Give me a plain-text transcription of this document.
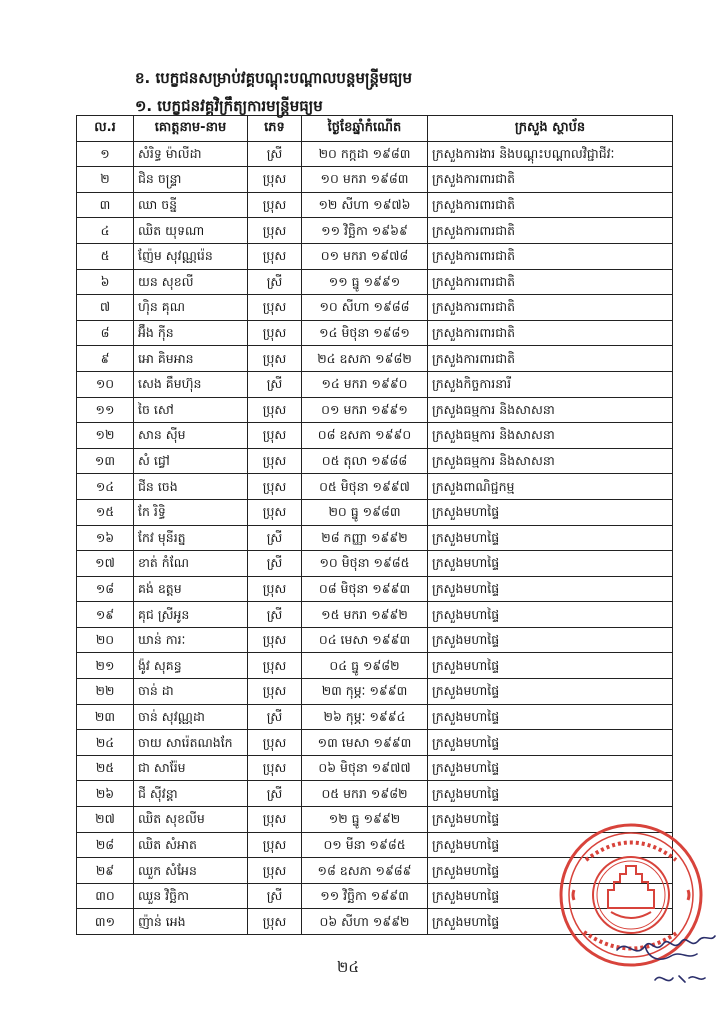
ខ. បេក្ខជនសម្រាប់វគ្គបណ្តុះបណ្តាលបន្តមន្ត្រីមធ្យម
១. បេក្ខជនវគ្គវិក្រឹត្យការមន្ត្រីមធ្យម
ល.រ	គោត្តនាម-នាម	ភេទ	ថ្ងៃខែឆ្នាំកំណើត	ក្រសួង ស្ថាប័ន
១	សំរិទ្ធ ម៉ាលីដា	ស្រី	២០ កក្កដា ១៩៨៣	ក្រសួងការងារ និងបណ្តុះបណ្តាលវិជ្ជាជីវៈ
២	ជិន ចន្ទ្រា	ប្រុស	១០ មករា ១៩៨៣	ក្រសួងការពារជាតិ
៣	ឈា ចន្នី	ប្រុស	១២ សីហា ១៩៧៦	ក្រសួងការពារជាតិ
៤	ឈិត យុទណា	ប្រុស	១១ វិច្ឆិកា ១៩៦៩	ក្រសួងការពារជាតិ
៥	ញ៉ែម សុវណ្ណរ៉េន	ប្រុស	០១ មករា ១៩៧៨	ក្រសួងការពារជាតិ
៦	យន សុខលី	ស្រី	១១ ធ្នូ ១៩៩១	ក្រសួងការពារជាតិ
៧	ហ៊ិន គុណ	ប្រុស	១០ សីហា ១៩៨៨	ក្រសួងការពារជាតិ
៨	អ៊ឹង កុីន	ប្រុស	១៤ មិថុនា ១៩៨១	ក្រសួងការពារជាតិ
៩	អោ គិមអាន	ប្រុស	២៤ ឧសភា ១៩៨២	ក្រសួងការពារជាតិ
១០	សេង គឹមហ៊ុន	ស្រី	១៤ មករា ១៩៩០	ក្រសួងកិច្ចការនារី
១១	ចៃ សៅ	ប្រុស	០១ មករា ១៩៩១	ក្រសួងធម្មការ និងសាសនា
១២	សាន ស៊ីម	ប្រុស	០៨ ឧសភា ១៩៩០	ក្រសួងធម្មការ និងសាសនា
១៣	សំ ជ្វៅ	ប្រុស	០៥ តុលា ១៩៨៨	ក្រសួងធម្មការ និងសាសនា
១៤	ជីន ចេង	ប្រុស	០៥ មិថុនា ១៩៩៧	ក្រសួងពាណិជ្ជកម្ម
១៥	កែ រិទ្ធិ	ប្រុស	២០ ធ្នូ ១៩៨៣	ក្រសួងមហាផ្ទៃ
១៦	កែវ មុនីរត្ន	ស្រី	២៨ កញ្ញា ១៩៩២	ក្រសួងមហាផ្ទៃ
១៧	ខាត់ កំណែ	ស្រី	១០ មិថុនា ១៩៨៥	ក្រសួងមហាផ្ទៃ
១៨	គង់ ឧត្តម	ប្រុស	០៨ មិថុនា ១៩៩៣	ក្រសួងមហាផ្ទៃ
១៩	គុជ ស្រីអូន	ស្រី	១៥ មករា ១៩៩២	ក្រសួងមហាផ្ទៃ
២០	ឃាន់ ការៈ	ប្រុស	០៤ មេសា ១៩៩៣	ក្រសួងមហាផ្ទៃ
២១	ង៉ូវ សុគន្ធ	ប្រុស	០៤ ធ្នូ ១៩៨២	ក្រសួងមហាផ្ទៃ
២២	ចាន់ ដា	ប្រុស	២៣ កុម្ភៈ ១៩៩៣	ក្រសួងមហាផ្ទៃ
២៣	ចាន់ សុវណ្ណដា	ស្រី	២៦ កុម្ភៈ ១៩៩៤	ក្រសួងមហាផ្ទៃ
២៤	ចាយ សារ៉េតណងកែ	ប្រុស	១៣ មេសា ១៩៩៣	ក្រសួងមហាផ្ទៃ
២៥	ជា សារ៉ែម	ប្រុស	០៦ មិថុនា ១៩៧៧	ក្រសួងមហាផ្ទៃ
២៦	ជី ស៊ីវន្តា	ស្រី	០៥ មករា ១៩៨២	ក្រសួងមហាផ្ទៃ
២៧	ឈិត សុខលីម	ប្រុស	១២ ធ្នូ ១៩៩២	ក្រសួងមហាផ្ទៃ
២៨	ឈិត សំអាត	ប្រុស	០១ មីនា ១៩៨៥	ក្រសួងមហាផ្ទៃ
២៩	ឈួក សំអែន	ប្រុស	១៨ ឧសភា ១៩៨៩	ក្រសួងមហាផ្ទៃ
៣០	ឈួន វិច្ឆិកា	ស្រី	១១ វិច្ឆិកា ១៩៩៣	ក្រសួងមហាផ្ទៃ
៣១	ញ៉ាន់ អេង	ប្រុស	០៦ សីហា ១៩៩២	ក្រសួងមហាផ្ទៃ
២៤
